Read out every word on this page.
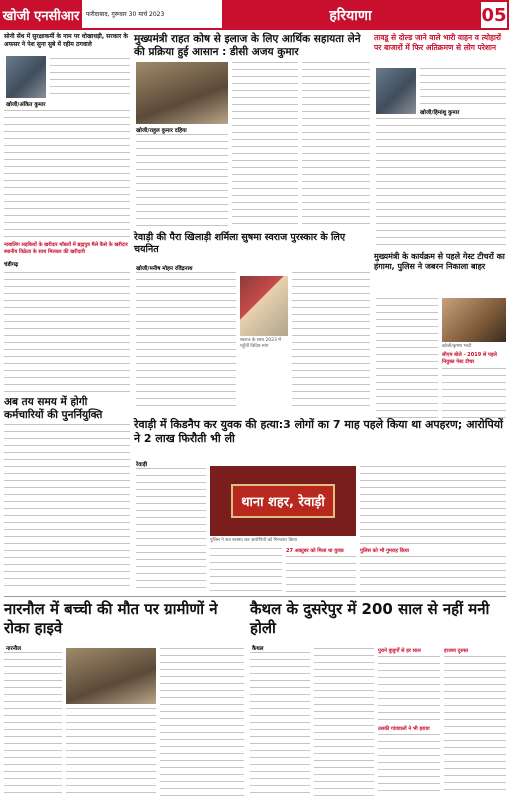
खोजी एनसीआर	फरीदाबाद, गुरूवार 30 मार्च 2023	हरियाणा	05
सोनी सेंथ में सुरक्षाकर्मी के नाम पर धोखाधड़ी, सरकार के अफसर ने पेश सुना सुबे में रहीम ठगवाले
खोजी/अंकित कुमार
नाबालिग लड़कियों के खरीदार मॉडलों में ब्रह्मपुत्र मैले कैसे के खरीदार स्थानीय विक्रेता के साथ मिलकर की खरीदारी
मुख्यमंत्री राहत कोष से इलाज के लिए आर्थिक सहायता लेने की प्रक्रिया हुई आसान : डीसी अजय कुमार
खोजी/राहुल कुमार दहिया
तावडू से दोल्ड जाने वाले भारी वाहन व त्योहारों पर बाजारों में फिर अतिक्रमण से लोग परेशान
खोजी/हिमांशु कुमार
रेवाड़ी की पैरा खिलाड़ी शर्मिला सुषमा स्वराज पुरस्कार के लिए चयनित
खोजी/मनीष मोहन रविंद्रनाथ
स्वराज के साथ 2023 में पहुँचीं विविध मांग
मुख्यमंत्री के कार्यक्रम से पहले गेस्ट टीचरों का हंगामा, पुलिस ने जबरन निकाला बाहर
खोजी/कृष्णा भाटी
सीएम बोले - 2019 से पहले नियुक्त गेस्ट टीचर
चंडीगढ़
अब तय समय में होगी कर्मचारियों की पुनर्नियुक्ति
रेवाड़ी में किडनैप कर युवक की हत्या:3 लोगों का 7 माह पहले किया था अपहरण; आरोपियों ने 2 लाख फिरौती भी ली
रेवाड़ी
थाना शहर, रेवाड़ी
पुलिस ने शव बरामद कर आरोपियों को गिरफ्तार किया
27 अक्टूबर को मिला था युवक	पुलिस को भी गुमराह किया
नारनौल में बच्ची की मौत पर ग्रामीणों ने रोका हाइवे
नारनौल
कैथल के दुसरेपुर में 200 साल से नहीं मनी होली
कैथल	पुराने बुजुर्गों से हर साल
उसकी गांववालों ने भी हराया
हाजमा दुरुस्त
